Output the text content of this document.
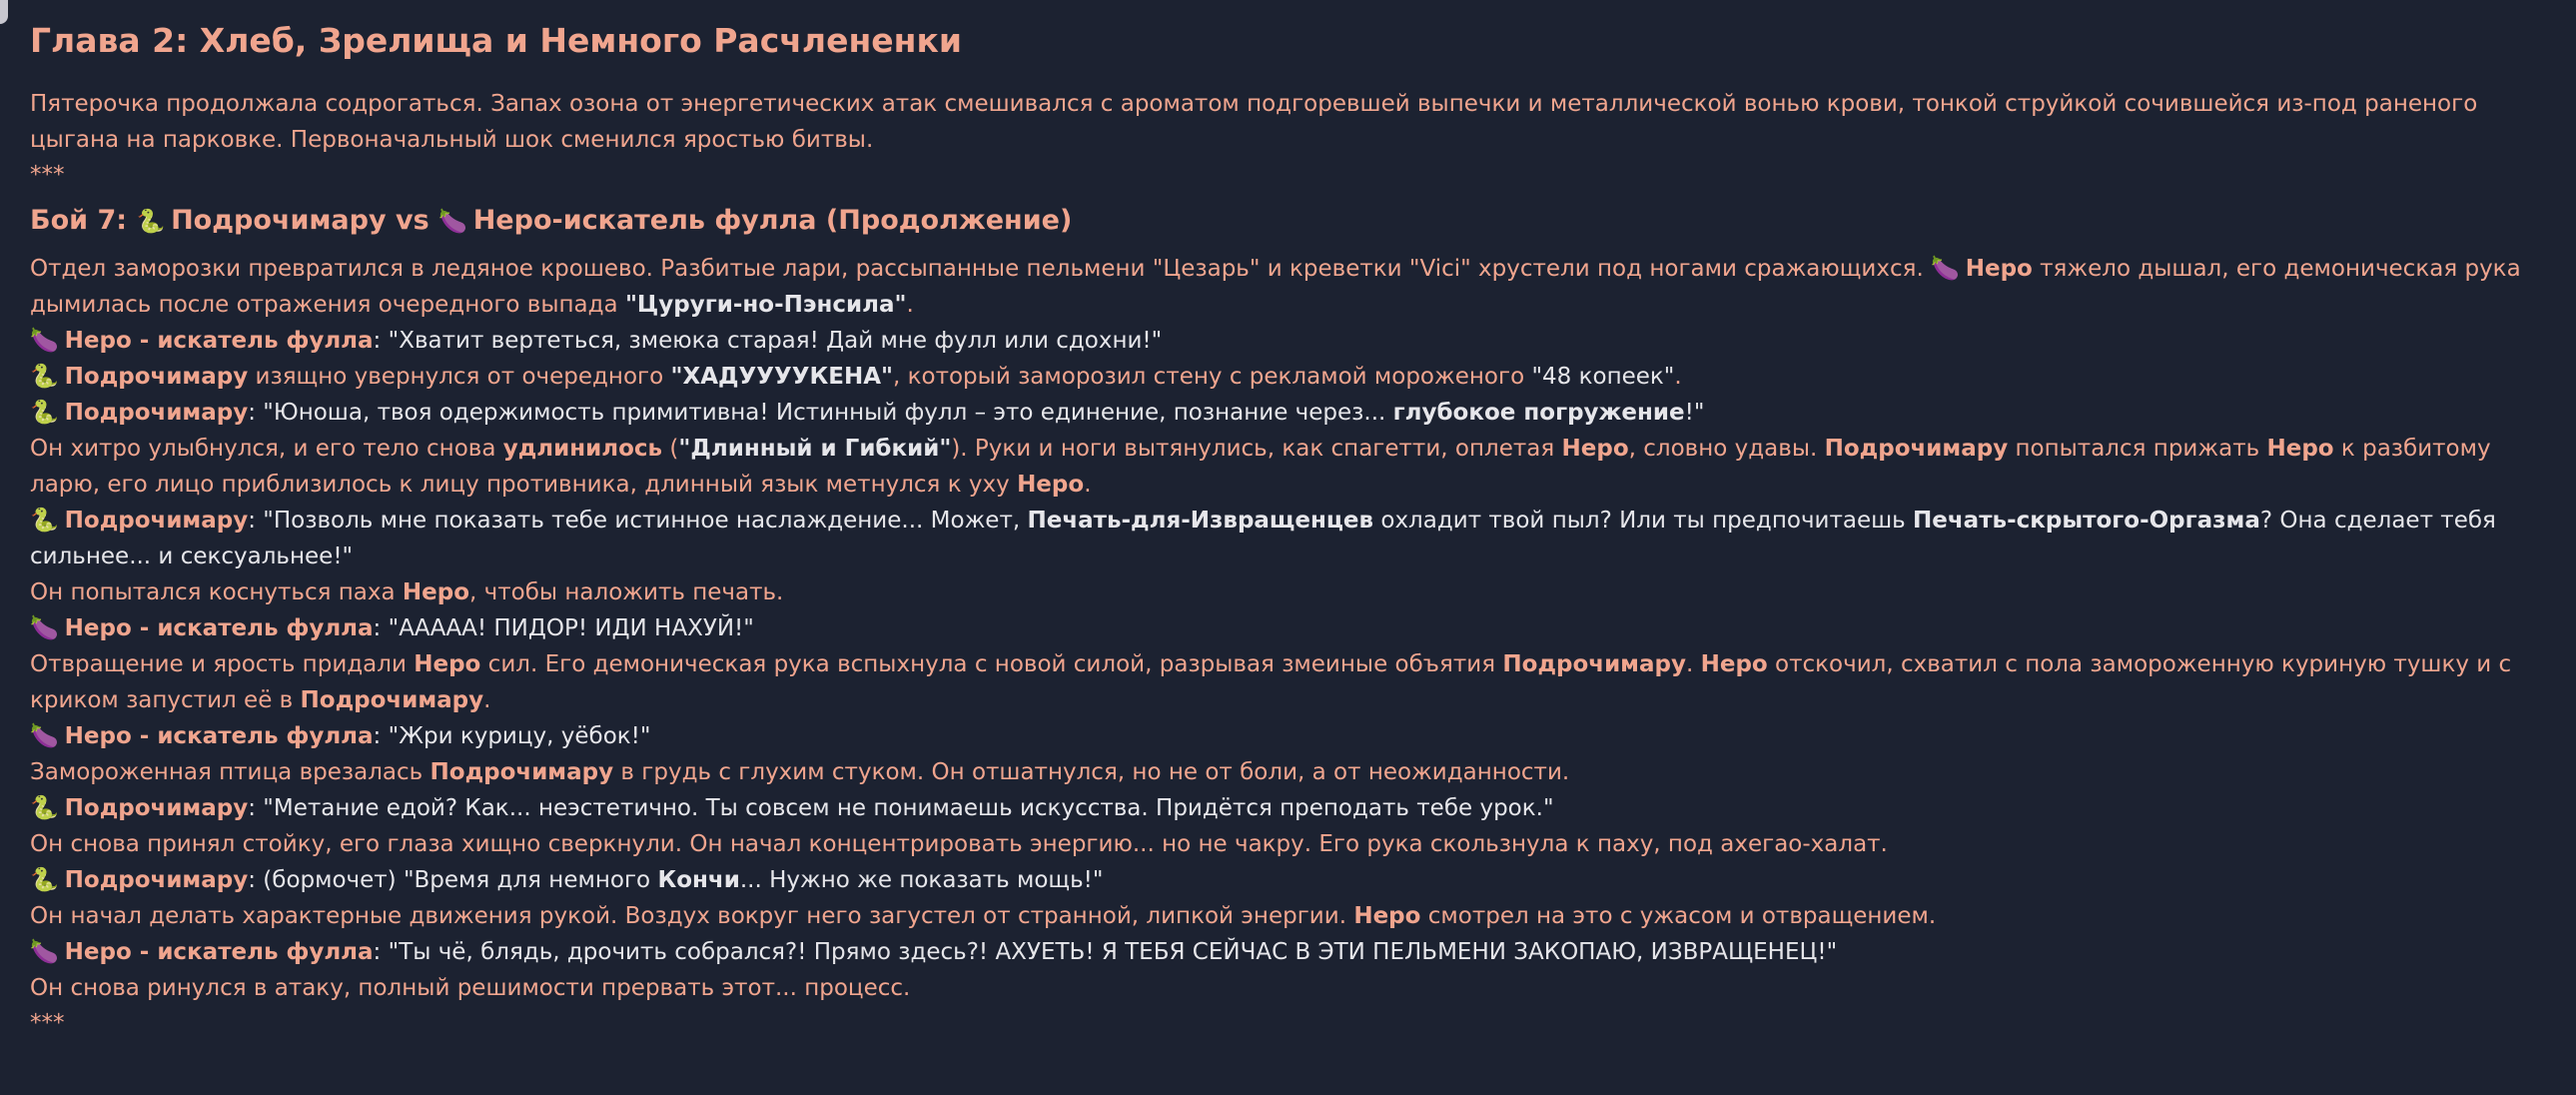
Глава 2: Хлеб, Зрелища и Немного Расчлененки

Пятерочка продолжала содрогаться. Запах озона от энергетических атак смешивался с ароматом подгоревшей выпечки и металлической вонью крови, тонкой струйкой сочившейся из-под раненого цыгана на парковке. Первоначальный шок сменился яростью битвы.

***
Бой 7: 🐍 Подрочимару vs 🍆 Неро-искатель фулла (Продолжение)

Отдел заморозки превратился в ледяное крошево. Разбитые лари, рассыпанные пельмени "Цезарь" и креветки "Vici" хрустели под ногами сражающихся. 🍆 Неро тяжело дышал, его демоническая рука дымилась после отражения очередного выпада "Цуруги-но-Пэнсила".

🍆 Неро - искатель фулла: "Хватит вертеться, змеюка старая! Дай мне фулл или сдохни!"

🐍 Подрочимару изящно увернулся от очередного "ХАДУУУУКЕНА", который заморозил стену с рекламой мороженого "48 копеек".

🐍 Подрочимару: "Юноша, твоя одержимость примитивна! Истинный фулл – это единение, познание через... глубокое погружение!"

Он хитро улыбнулся, и его тело снова удлинилось ("Длинный и Гибкий"). Руки и ноги вытянулись, как спагетти, оплетая Неро, словно удавы. Подрочимару попытался прижать Неро к разбитому ларю, его лицо приблизилось к лицу противника, длинный язык метнулся к уху Неро.

🐍 Подрочимару: "Позволь мне показать тебе истинное наслаждение... Может, Печать-для-Извращенцев охладит твой пыл? Или ты предпочитаешь Печать-скрытого-Оргазма? Она сделает тебя сильнее... и сексуальнее!"

Он попытался коснуться паха Неро, чтобы наложить печать.

🍆 Неро - искатель фулла: "ААААА! ПИДОР! ИДИ НАХУЙ!"

Отвращение и ярость придали Неро сил. Его демоническая рука вспыхнула с новой силой, разрывая змеиные объятия Подрочимару. Неро отскочил, схватил с пола замороженную куриную тушку и с криком запустил её в Подрочимару.

🍆 Неро - искатель фулла: "Жри курицу, уёбок!"

Замороженная птица врезалась Подрочимару в грудь с глухим стуком. Он отшатнулся, но не от боли, а от неожиданности.

🐍 Подрочимару: "Метание едой? Как... неэстетично. Ты совсем не понимаешь искусства. Придётся преподать тебе урок."

Он снова принял стойку, его глаза хищно сверкнули. Он начал концентрировать энергию... но не чакру. Его рука скользнула к паху, под ахегао-халат.

🐍 Подрочимару: (бормочет) "Время для немного Кончи... Нужно же показать мощь!"

Он начал делать характерные движения рукой. Воздух вокруг него загустел от странной, липкой энергии. Неро смотрел на это с ужасом и отвращением.

🍆 Неро - искатель фулла: "Ты чё, блядь, дрочить собрался?! Прямо здесь?! АХУЕТЬ! Я ТЕБЯ СЕЙЧАС В ЭТИ ПЕЛЬМЕНИ ЗАКОПАЮ, ИЗВРАЩЕНЕЦ!"

Он снова ринулся в атаку, полный решимости прервать этот... процесс.

***
